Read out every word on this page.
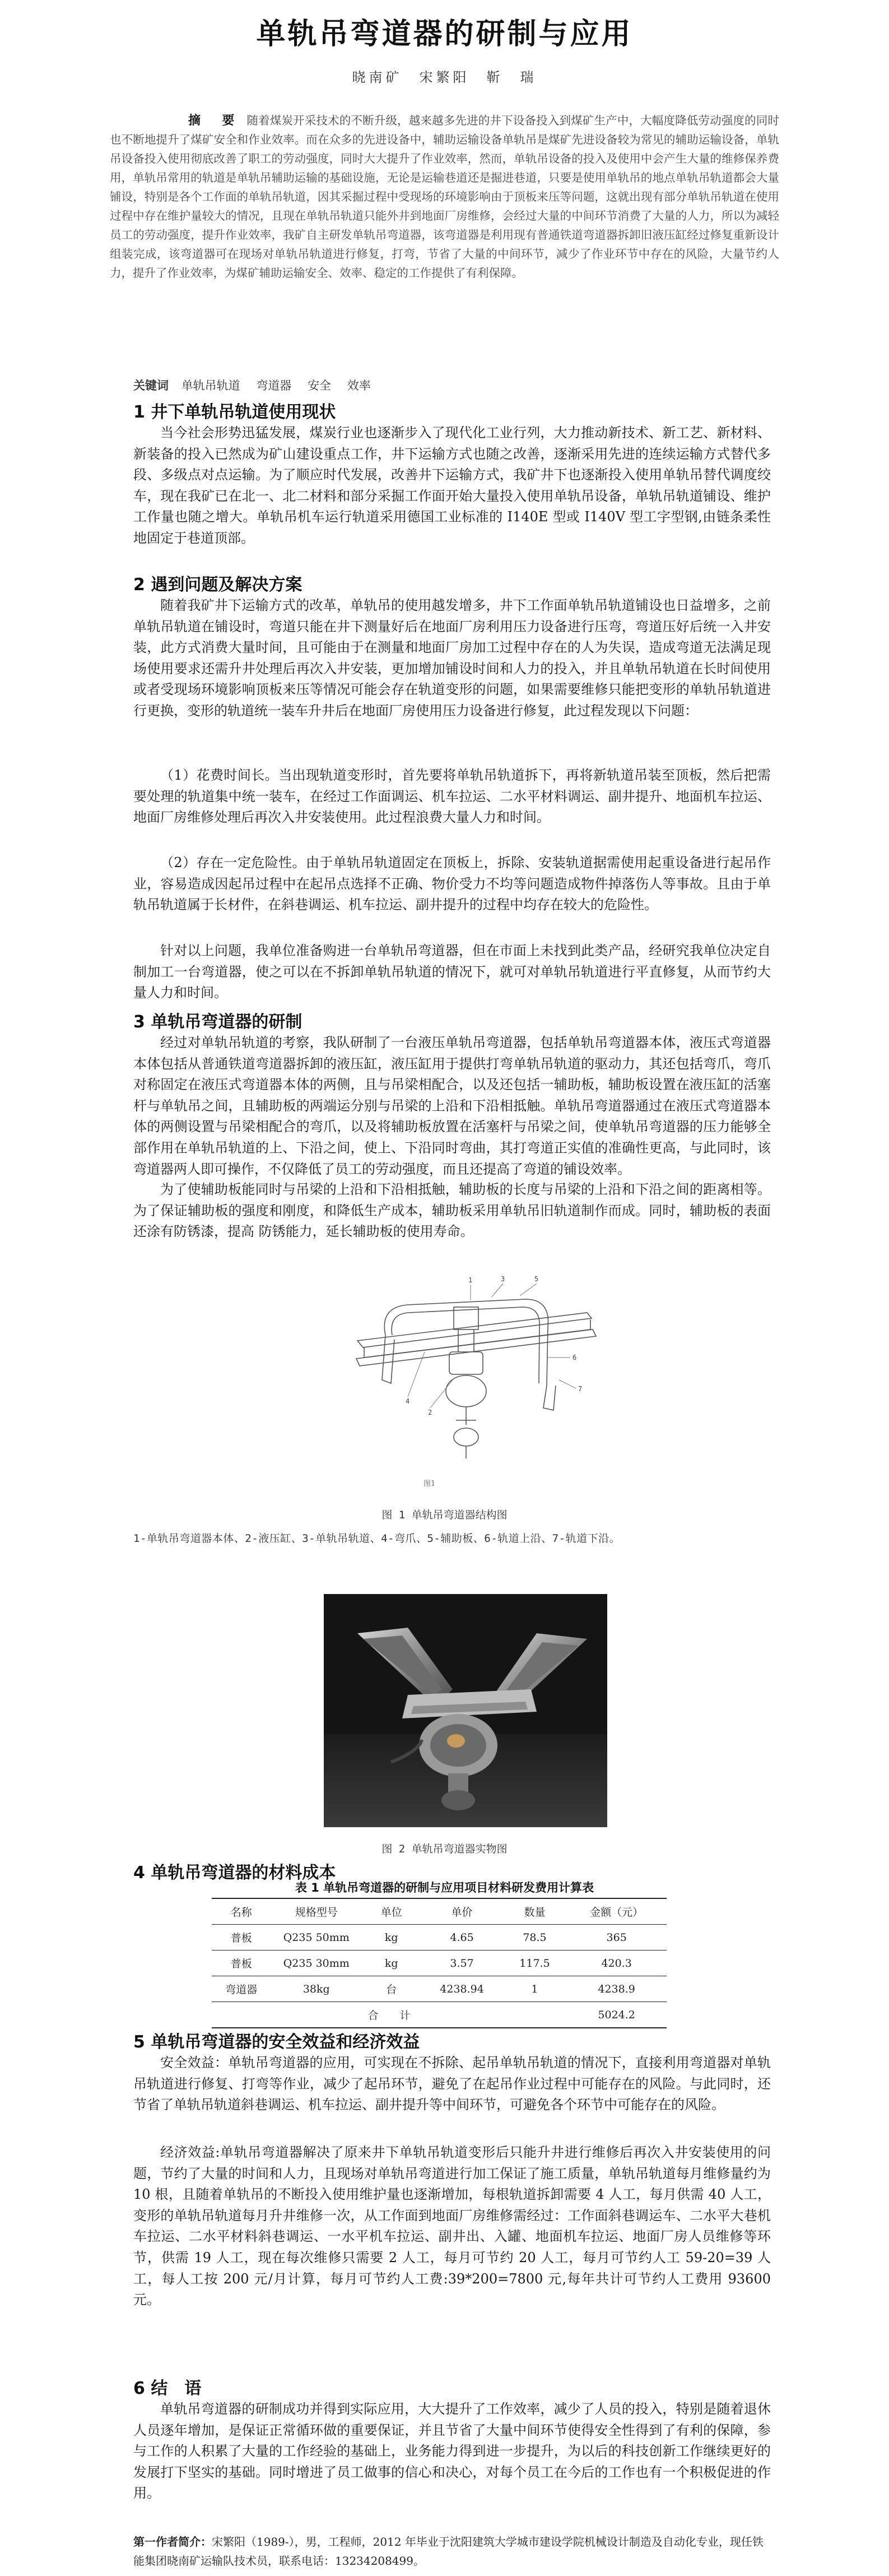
单轨吊弯道器的研制与应用
晓南矿　宋繁阳　靳　瑞
摘　要 随着煤炭开采技术的不断升级，越来越多先进的井下设备投入到煤矿生产中，大幅度降低劳动强度的同时也不断地提升了煤矿安全和作业效率。而在众多的先进设备中，辅助运输设备单轨吊是煤矿先进设备较为常见的辅助运输设备，单轨吊设备投入使用彻底改善了职工的劳动强度，同时大大提升了作业效率，然而，单轨吊设备的投入及使用中会产生大量的维修保养费用，单轨吊常用的轨道是单轨吊辅助运输的基础设施，无论是运输巷道还是掘进巷道，只要是使用单轨吊的地点单轨吊轨道都会大量铺设，特别是各个工作面的单轨吊轨道，因其采掘过程中受现场的环境影响由于顶板来压等问题，这就出现有部分单轨吊轨道在使用过程中存在维护量较大的情况，且现在单轨吊轨道只能外井到地面厂房维修，会经过大量的中间环节消费了大量的人力，所以为减轻员工的劳动强度，提升作业效率，我矿自主研发单轨吊弯道器，该弯道器是利用现有普通铁道弯道器拆卸旧液压缸经过修复重新设计组装完成，该弯道器可在现场对单轨吊轨道进行修复，打弯，节省了大量的中间环节，减少了作业环节中存在的风险，大量节约人力，提升了作业效率，为煤矿辅助运输安全、效率、稳定的工作提供了有利保障。
关键词 单轨吊轨道 弯道器 安全 效率
1 井下单轨吊轨道使用现状
当今社会形势迅猛发展，煤炭行业也逐渐步入了现代化工业行列，大力推动新技术、新工艺、新材料、新装备的投入已然成为矿山建设重点工作，井下运输方式也随之改善，逐渐采用先进的连续运输方式替代多段、多级点对点运输。为了顺应时代发展，改善井下运输方式，我矿井下也逐渐投入使用单轨吊替代调度绞车，现在我矿已在北一、北二材料和部分采掘工作面开始大量投入使用单轨吊设备，单轨吊轨道铺设、维护工作量也随之增大。单轨吊机车运行轨道采用德国工业标准的 I140E 型或 I140V 型工字型钢,由链条柔性地固定于巷道顶部。
2 遇到问题及解决方案
随着我矿井下运输方式的改革，单轨吊的使用越发增多，井下工作面单轨吊轨道铺设也日益增多，之前单轨吊轨道在铺设时，弯道只能在井下测量好后在地面厂房利用压力设备进行压弯，弯道压好后统一入井安装，此方式消费大量时间，且可能由于在测量和地面厂房加工过程中存在的人为失误，造成弯道无法满足现场使用要求还需升井处理后再次入井安装，更加增加铺设时间和人力的投入，并且单轨吊轨道在长时间使用或者受现场环境影响顶板来压等情况可能会存在轨道变形的问题，如果需要维修只能把变形的单轨吊轨道进行更换，变形的轨道统一装车升井后在地面厂房使用压力设备进行修复，此过程发现以下问题：
（1）花费时间长。当出现轨道变形时，首先要将单轨吊轨道拆下，再将新轨道吊装至顶板，然后把需要处理的轨道集中统一装车，在经过工作面调运、机车拉运、二水平材料调运、副井提升、地面机车拉运、地面厂房维修处理后再次入井安装使用。此过程浪费大量人力和时间。
（2）存在一定危险性。由于单轨吊轨道固定在顶板上，拆除、安装轨道据需使用起重设备进行起吊作业，容易造成因起吊过程中在起吊点选择不正确、物价受力不均等问题造成物件掉落伤人等事故。且由于单轨吊轨道属于长材件，在斜巷调运、机车拉运、副井提升的过程中均存在较大的危险性。
针对以上问题，我单位准备购进一台单轨吊弯道器，但在市面上未找到此类产品，经研究我单位决定自制加工一台弯道器，使之可以在不拆卸单轨吊轨道的情况下，就可对单轨吊轨道进行平直修复，从而节约大量人力和时间。
3 单轨吊弯道器的研制
经过对单轨吊轨道的考察，我队研制了一台液压单轨吊弯道器，包括单轨吊弯道器本体，液压式弯道器本体包括从普通铁道弯道器拆卸的液压缸，液压缸用于提供打弯单轨吊轨道的驱动力，其还包括弯爪，弯爪对称固定在液压式弯道器本体的两侧，且与吊梁相配合，以及还包括一辅助板，辅助板设置在液压缸的活塞杆与单轨吊之间，且辅助板的两端运分别与吊梁的上沿和下沿相抵触。单轨吊弯道器通过在液压式弯道器本体的两侧设置与吊梁相配合的弯爪，以及将辅助板放置在活塞杆与吊梁之间，使单轨吊弯道器的压力能够全部作用在单轨吊轨道的上、下沿之间，使上、下沿同时弯曲，其打弯道正实值的准确性更高，与此同时，该弯道器两人即可操作，不仅降低了员工的劳动强度，而且还提高了弯道的铺设效率。
为了使辅助板能同时与吊梁的上沿和下沿相抵触，辅助板的长度与吊梁的上沿和下沿之间的距离相等。为了保证辅助板的强度和刚度，和降低生产成本，辅助板采用单轨吊旧轨道制作而成。同时，辅助板的表面还涂有防锈漆，提高 防锈能力，延长辅助板的使用寿命。
1
2
3
4
5
6
7
图1
图 1 单轨吊弯道器结构图
1-单轨吊弯道器本体、2-液压缸、3-单轨吊轨道、4-弯爪、5-辅助板、6-轨道上沿、7-轨道下沿。
图 2 单轨吊弯道器实物图
4 单轨吊弯道器的材料成本
表 1 单轨吊弯道器的研制与应用项目材料研发费用计算表
名称	规格型号	单位	单价	数量	金额（元）
普板	Q235 50mm	kg	4.65	78.5	365
普板	Q235 30mm	kg	3.57	117.5	420.3
弯道器	38kg	台	4238.94	1	4238.9
合　　计					5024.2
5 单轨吊弯道器的安全效益和经济效益
安全效益：单轨吊弯道器的应用，可实现在不拆除、起吊单轨吊轨道的情况下，直接利用弯道器对单轨吊轨道进行修复、打弯等作业，减少了起吊环节，避免了在起吊作业过程中可能存在的风险。与此同时，还节省了单轨吊轨道斜巷调运、机车拉运、副井提升等中间环节，可避免各个环节中可能存在的风险。
经济效益:单轨吊弯道器解决了原来井下单轨吊轨道变形后只能升井进行维修后再次入井安装使用的问题，节约了大量的时间和人力，且现场对单轨吊弯道进行加工保证了施工质量，单轨吊轨道每月维修量约为 10 根，且随着单轨吊的不断投入使用维护量也逐渐增加，每根轨道拆卸需要 4 人工，每月供需 40 人工，变形的单轨吊轨道每月升井维修一次，从工作面到地面厂房维修需经过：工作面斜巷调运车、二水平大巷机车拉运、二水平材料斜巷调运、一水平机车拉运、副井出、入罐、地面机车拉运、地面厂房人员维修等环节，供需 19 人工，现在每次维修只需要 2 人工，每月可节约 20 人工，每月可节约人工 59-20=39 人工，每人工按 200 元/月计算，每月可节约人工费:39*200=7800 元,每年共计可节约人工费用 93600 元。
6 结　语
单轨吊弯道器的研制成功并得到实际应用，大大提升了工作效率，减少了人员的投入，特别是随着退休人员逐年增加，是保证正常循环做的重要保证，并且节省了大量中间环节使得安全性得到了有利的保障，参与工作的人积累了大量的工作经验的基础上，业务能力得到进一步提升，为以后的科技创新工作继续更好的发展打下坚实的基础。同时增进了员工做事的信心和决心，对每个员工在今后的工作也有一个积极促进的作用。
第一作者简介：宋繁阳（1989-），男，工程师，2012 年毕业于沈阳建筑大学城市建设学院机械设计制造及自动化专业，现任铁能集团晓南矿运输队技术员，联系电话：13234208499。
